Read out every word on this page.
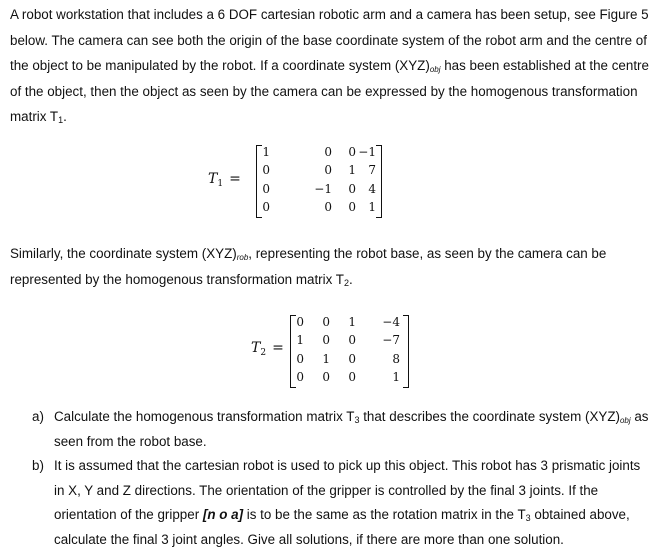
A robot workstation that includes a 6 DOF cartesian robotic arm and a camera has been setup, see Figure 5 below. The camera can see both the origin of the base coordinate system of the robot arm and the centre of the object to be manipulated by the robot. If a coordinate system $(XYZ)_{obj}$ has been established at the centre of the object, then the object as seen by the camera can be expressed by the homogenous transformation matrix $T_1$.
$T_1$ =
1	0	0 −1
0	0	1	7
0	−1	0	4
0	0	0	1
Similarly, the coordinate system $(XYZ)_{rob}$, representing the robot base, as seen by the camera can be represented by the homogenous transformation matrix $T_2$.
$T_2$ =
0	0	1	−4
1	0	0	−7
0	1	0	8
0	0	0	1
a) Calculate the homogenous transformation matrix $T_3$ that describes the coordinate system $(XYZ)_{obj}$ as seen from the robot base.
b) It is assumed that the cartesian robot is used to pick up this object. This robot has 3 prismatic joints in X, Y and Z directions. The orientation of the gripper is controlled by the final 3 joints. If the orientation of the gripper [n o a] is to be the same as the rotation matrix in the $T_3$ obtained above, calculate the final 3 joint angles. Give all solutions, if there are more than one solution.
